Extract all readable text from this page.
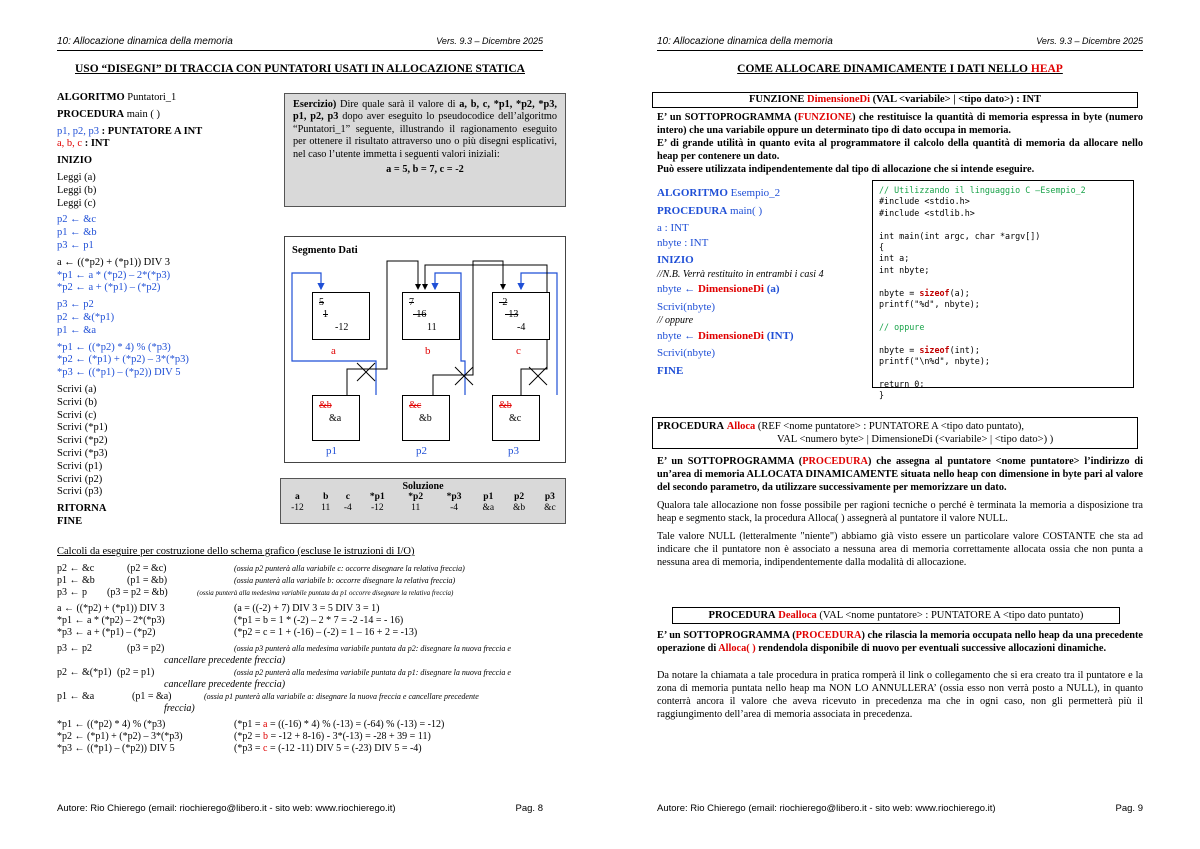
10: Allocazione dinamica della memoria	Vers. 9.3 – Dicembre 2025
USO “DISEGNI” DI TRACCIA CON PUNTATORI USATI IN ALLOCAZIONE STATICA
ALGORITMO Puntatori_1
PROCEDURA main ( )
p1, p2, p3 : PUNTATORE A INT
a, b, c : INT
INIZIO
Leggi (a)
Leggi (b)
Leggi (c)
p2 ← &c
p1 ← &b
p3 ← p1
a ← ((*p2) + (*p1)) DIV 3
*p1 ← a * (*p2) – 2*(*p3)
*p2 ← a + (*p1) – (*p2)
p3 ← p2
p2 ← &(*p1)
p1 ← &a
*p1 ← ((*p2) * 4) % (*p3)
*p2 ← (*p1) + (*p2) – 3*(*p3)
*p3 ← ((*p1) – (*p2)) DIV 5
Scrivi (a)
Scrivi (b)
Scrivi (c)
Scrivi (*p1)
Scrivi (*p2)
Scrivi (*p3)
Scrivi (p1)
Scrivi (p2)
Scrivi (p3)
RITORNA
FINE
Esercizio) Dire quale sarà il valore di a, b, c, *p1, *p2, *p3, p1, p2, p3 dopo aver eseguito lo pseudocodice dell’algoritmo “Puntatori_1” seguente, illustrando il ragionamento eseguito per ottenere il risultato attraverso uno o più disegni esplicativi, nel caso l’utente immetta i seguenti valori iniziali:
a = 5, b = 7, c = -2
Segmento Dati
5
1
-12
a
7
-16
11
b
-2
-13
-4
c
&b
&a
p1
&c
&b
p2
&b
&c
p3
Soluzione
a	b	c	*p1	*p2	*p3	p1	p2	p3
-12	11	-4	-12	11	-4	&a	&b	&c
Calcoli da eseguire per costruzione dello schema grafico (escluse le istruzioni di I/O)
p2 ← &c	(p2 = &c)	(ossia p2 punterà alla variabile c: occorre disegnare la relativa freccia)
p1 ← &b	(p1 = &b)	(ossia punterà alla variabile b: occorre disegnare la relativa freccia)
p3 ← p (p3 = p2 = &b)	(ossia punterà alla medesima variabile puntata da p1 occorre disegnare la relativa freccia)
a ← ((*p2) + (*p1)) DIV 3	(a = ((-2) + 7) DIV 3 = 5 DIV 3 = 1)
*p1 ← a * (*p2) – 2*(*p3)	(*p1 = b = 1 * (-2) – 2 * 7 = -2 -14 = - 16)
*p3 ← a + (*p1) – (*p2)	(*p2 = c = 1 + (-16) – (-2) = 1 – 16 + 2 = -13)
p3 ← p2	(p3 = p2)	(ossia p3 punterà alla medesima variabile puntata da p2: disegnare la nuova freccia e
cancellare precedente freccia)
p2 ← &(*p1) (p2 = p1)	(ossia p2 punterà alla medesima variabile puntata da p1: disegnare la nuova freccia e
cancellare precedente freccia)
p1 ← &a	(p1 = &a)	(ossia p1 punterà alla variabile a: disegnare la nuova freccia e cancellare precedente
freccia)
*p1 ← ((*p2) * 4) % (*p3)	(*p1 = a = ((-16) * 4) % (-13) = (-64) % (-13) = -12)
*p2 ← (*p1) + (*p2) – 3*(*p3)	(*p2 = b = -12 + 8-16) - 3*(-13) = -28 + 39 = 11)
*p3 ← ((*p1) – (*p2)) DIV 5	(*p3 = c = (-12 -11) DIV 5 = (-23) DIV 5 = -4)
Autore: Rio Chierego (email: riochierego@libero.it - sito web: www.riochierego.it)	Pag. 8
10: Allocazione dinamica della memoria	Vers. 9.3 – Dicembre 2025
COME ALLOCARE DINAMICAMENTE I DATI NELLO HEAP
FUNZIONE DimensioneDi (VAL <variabile> | <tipo dato>) : INT
E’ un SOTTOPROGRAMMA (FUNZIONE) che restituisce la quantità di memoria espressa in byte (numero intero) che una variabile oppure un determinato tipo di dato occupa in memoria.
E’ di grande utilità in quanto evita al programmatore il calcolo della quantità di memoria da allocare nello heap per contenere un dato.
Può essere utilizzata indipendentemente dal tipo di allocazione che si intende eseguire.
ALGORITMO Esempio_2
PROCEDURA main( )
a : INT
nbyte : INT
INIZIO
//N.B. Verrà restituito in entrambi i casi 4
nbyte ← DimensioneDi (a)
Scrivi(nbyte)
// oppure
nbyte ← DimensioneDi (INT)
Scrivi(nbyte)
FINE
// Utilizzando il linguaggio C –Esempio_2
#include <stdio.h>
#include <stdlib.h>

int main(int argc, char *argv[])
{
int a;
int nbyte;

nbyte = sizeof(a);
printf("%d", nbyte);

// oppure

nbyte = sizeof(int);
printf("\n%d", nbyte);

return 0;
}
PROCEDURA Alloca (REF <nome puntatore> : PUNTATORE A <tipo dato puntato),
VAL <numero byte> | DimensioneDi (<variabile> | <tipo dato>) )
E’ un SOTTOPROGRAMMA (PROCEDURA) che assegna al puntatore <nome puntatore> l’indirizzo di un’area di memoria ALLOCATA DINAMICAMENTE situata nello heap con dimensione in byte pari al valore del secondo parametro, da utilizzare successivamente per memorizzare un dato.
Qualora tale allocazione non fosse possibile per ragioni tecniche o perché è terminata la memoria a disposizione tra heap e segmento stack, la procedura Alloca( ) assegnerà al puntatore il valore NULL.
Tale valore NULL (letteralmente "niente") abbiamo già visto essere un particolare valore COSTANTE che sta ad indicare che il puntatore non è associato a nessuna area di memoria correttamente allocata ossia che non punta a nessuna area di memoria, indipendentemente dalla modalità di allocazione.
PROCEDURA Dealloca (VAL <nome puntatore> : PUNTATORE A <tipo dato puntato)
E’ un SOTTOPROGRAMMA (PROCEDURA) che rilascia la memoria occupata nello heap da una precedente operazione di Alloca( ) rendendola disponibile di nuovo per eventuali successive allocazioni dinamiche.
Da notare la chiamata a tale procedura in pratica romperà il link o collegamento che si era creato tra il puntatore e la zona di memoria puntata nello heap ma NON LO ANNULLERA’ (ossia esso non verrà posto a NULL), in quanto conterrà ancora il valore che aveva ricevuto in precedenza ma che in ogni caso, non gli permetterà più il raggiungimento dell’area di memoria associata in precedenza.
Autore: Rio Chierego (email: riochierego@libero.it - sito web: www.riochierego.it)	Pag. 9
